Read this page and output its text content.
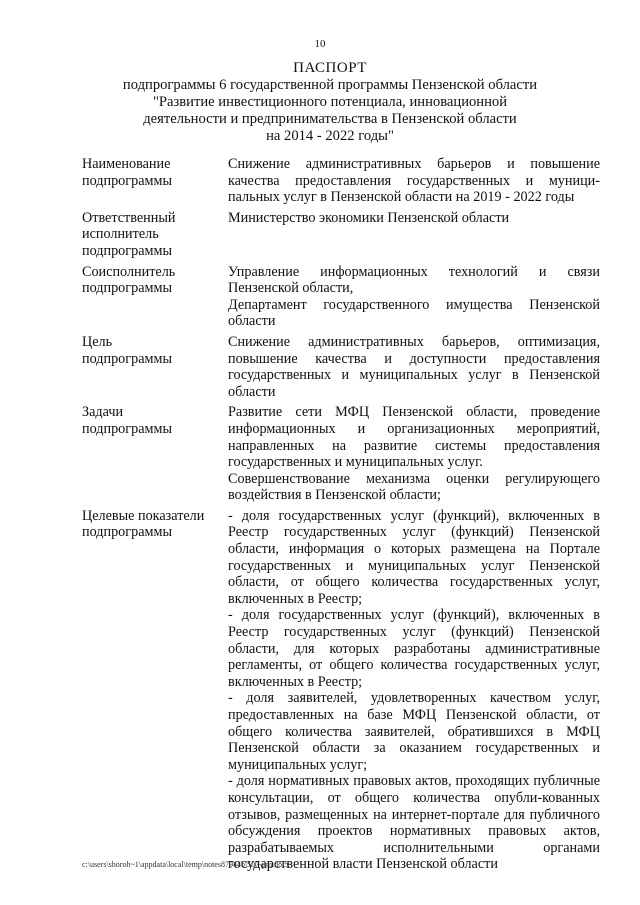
10
ПАСПОРТ
подпрограммы 6 государственной программы Пензенской области
"Развитие инвестиционного потенциала, инновационной
деятельности и предпринимательства в Пензенской области
на 2014 - 2022 годы"
Наименование
подпрограммы

Снижение административных барьеров и повышение качества предоставления государственных и муници-пальных услуг в Пензенской области на 2019 - 2022 годы

Ответственный
исполнитель
подпрограммы

Министерство экономики Пензенской области

Соисполнитель
подпрограммы

Управление информационных технологий и связи Пензенской области,

Департамент государственного имущества Пензенской области

Цель
подпрограммы

Снижение административных барьеров, оптимизация, повышение качества и доступности предоставления государственных и муниципальных услуг в Пензенской области

Задачи
подпрограммы

Развитие сети МФЦ Пензенской области, проведение информационных и организационных мероприятий, направленных на развитие системы предоставления государственных и муниципальных услуг.

Совершенствование механизма оценки регулирующего воздействия в Пензенской области;

Целевые показатели
подпрограммы

- доля государственных услуг (функций), включенных в Реестр государственных услуг (функций) Пензенской области, информация о которых размещена на Портале государственных и муниципальных услуг Пензенской области, от общего количества государственных услуг, включенных в Реестр;

- доля государственных услуг (функций), включенных в Реестр государственных услуг (функций) Пензенской области, для которых разработаны административные регламенты, от общего количества государственных услуг, включенных в Реестр;

- доля заявителей, удовлетворенных качеством услуг, предоставленных на базе МФЦ Пензенской области, от общего количества заявителей, обратившихся в МФЦ Пензенской области за оказанием государственных и муниципальных услуг;

- доля нормативных правовых актов, проходящих публичные консультации, от общего количества опубли-кованных отзывов, размещенных на интернет-портале для публичного обсуждения проектов нормативных правовых актов, разрабатываемых исполнительными органами государственной власти Пензенской области

c:\users\shoroh~1\appdata\local\temp\notes87944b\507-pm.docx
